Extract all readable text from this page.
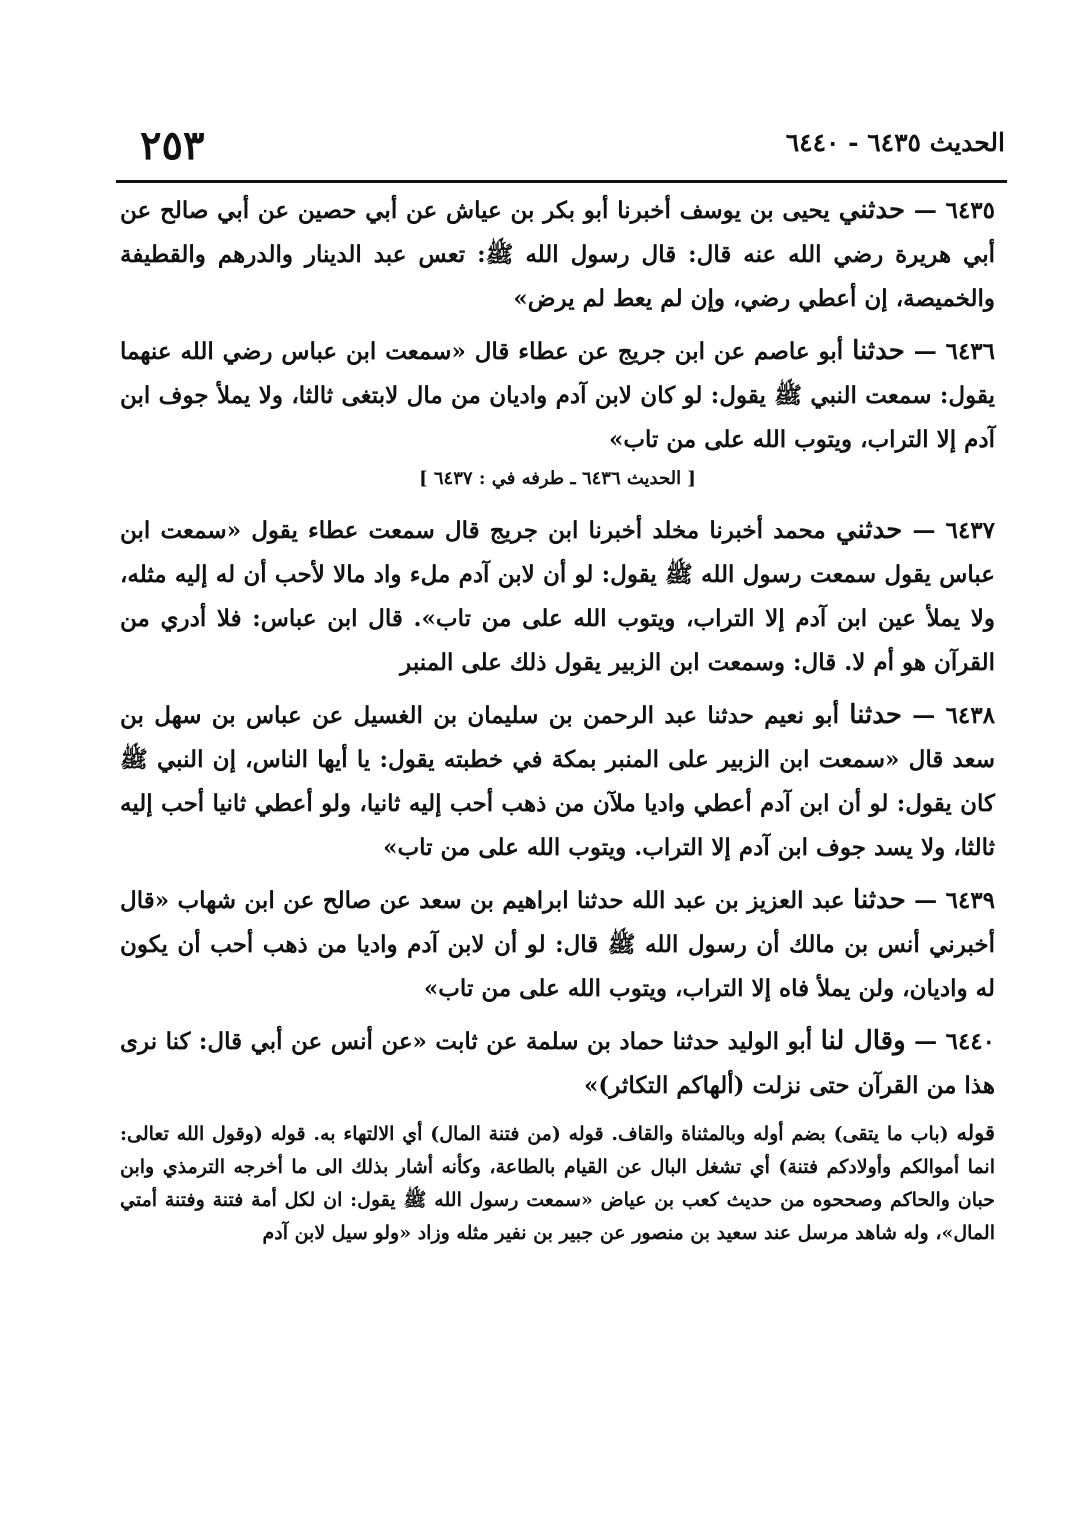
الحديث ٦٤٣٥ - ٦٤٤٠
٢٥٣

٦٤٣٥ — حدثني يحيى بن يوسف أخبرنا أبو بكر بن عياش عن أبي حصين عن أبي صالح عن أبي هريرة رضي الله عنه قال: قال رسول الله ﷺ: تعس عبد الدينار والدرهم والقطيفة والخميصة، إن أعطي رضي، وإن لم يعط لم يرض»

٦٤٣٦ — حدثنا أبو عاصم عن ابن جريج عن عطاء قال «سمعت ابن عباس رضي الله عنهما يقول: سمعت النبي ﷺ يقول: لو كان لابن آدم واديان من مال لابتغى ثالثا، ولا يملأ جوف ابن آدم إلا التراب، ويتوب الله على من تاب»

[ الحديث ٦٤٣٦ ـ طرفه في : ٦٤٣٧ ]

٦٤٣٧ — حدثني محمد أخبرنا مخلد أخبرنا ابن جريج قال سمعت عطاء يقول «سمعت ابن عباس يقول سمعت رسول الله ﷺ يقول: لو أن لابن آدم ملء واد مالا لأحب أن له إليه مثله، ولا يملأ عين ابن آدم إلا التراب، ويتوب الله على من تاب». قال ابن عباس: فلا أدري من القرآن هو أم لا. قال: وسمعت ابن الزبير يقول ذلك على المنبر

٦٤٣٨ — حدثنا أبو نعيم حدثنا عبد الرحمن بن سليمان بن الغسيل عن عباس بن سهل بن سعد قال «سمعت ابن الزبير على المنبر بمكة في خطبته يقول: يا أيها الناس، إن النبي ﷺ كان يقول: لو أن ابن آدم أعطي واديا ملآن من ذهب أحب إليه ثانيا، ولو أعطي ثانيا أحب إليه ثالثا، ولا يسد جوف ابن آدم إلا التراب. ويتوب الله على من تاب»

٦٤٣٩ — حدثنا عبد العزيز بن عبد الله حدثنا ابراهيم بن سعد عن صالح عن ابن شهاب «قال أخبرني أنس بن مالك أن رسول الله ﷺ قال: لو أن لابن آدم واديا من ذهب أحب أن يكون له واديان، ولن يملأ فاه إلا التراب، ويتوب الله على من تاب»

٦٤٤٠ — وقال لنا أبو الوليد حدثنا حماد بن سلمة عن ثابت «عن أنس عن أبي قال: كنا نرى هذا من القرآن حتى نزلت (ألهاكم التكاثر)»

قوله (باب ما يتقى) بضم أوله وبالمثناة والقاف. قوله (من فتنة المال) أي الالتهاء به. قوله (وقول الله تعالى: انما أموالكم وأولادكم فتنة) أي تشغل البال عن القيام بالطاعة، وكأنه أشار بذلك الى ما أخرجه الترمذي وابن حبان والحاكم وصححوه من حديث كعب بن عياض «سمعت رسول الله ﷺ يقول: ان لكل أمة فتنة وفتنة أمتي المال»، وله شاهد مرسل عند سعيد بن منصور عن جبير بن نفير مثله وزاد «ولو سيل لابن آدم
